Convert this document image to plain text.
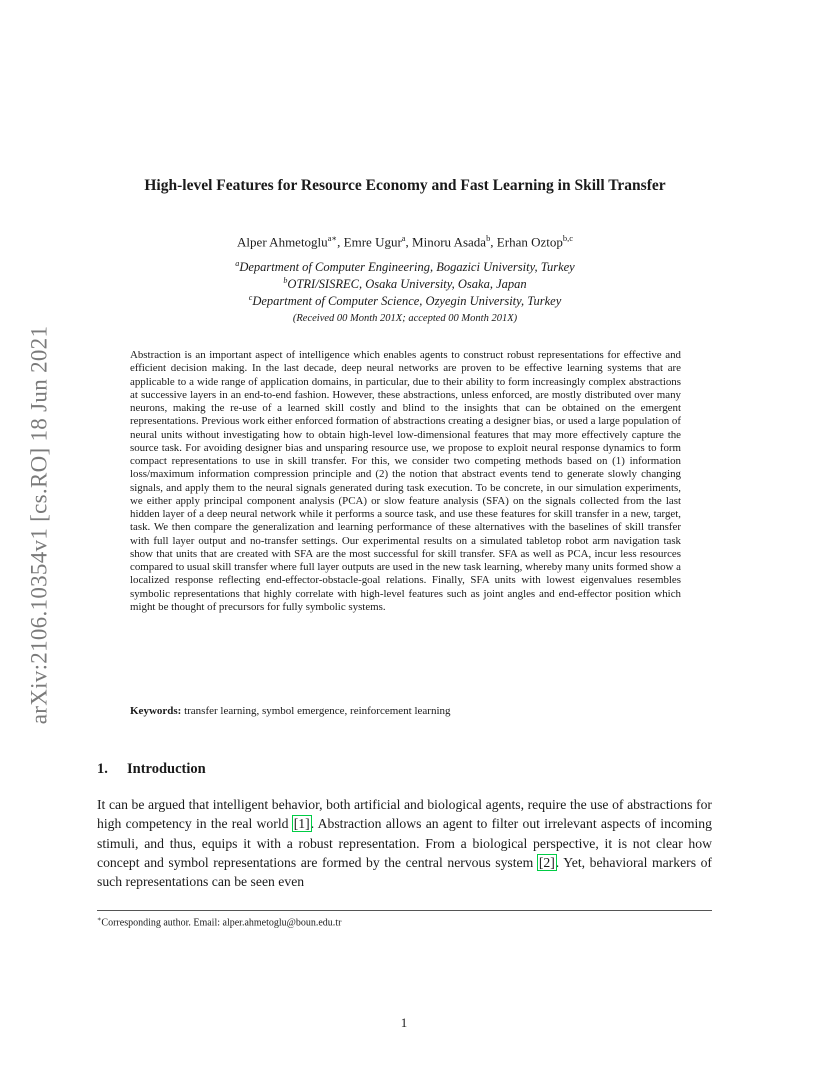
arXiv:2106.10354v1 [cs.RO] 18 Jun 2021
High-level Features for Resource Economy and Fast Learning in Skill Transfer
Alper Ahmetoglu$^{a∗}$, Emre Ugur$^a$, Minoru Asada$^b$, Erhan Oztop$^{b,c}$
$^a$Department of Computer Engineering, Bogazici University, Turkey
$^b$OTRI/SISREC, Osaka University, Osaka, Japan
$^c$Department of Computer Science, Ozyegin University, Turkey
(Received 00 Month 201X; accepted 00 Month 201X)
Abstraction is an important aspect of intelligence which enables agents to construct robust representations for effective and efficient decision making. In the last decade, deep neural networks are proven to be effective learning systems that are applicable to a wide range of application domains, in particular, due to their ability to form increasingly complex abstractions at successive layers in an end-to-end fashion. However, these abstractions, unless enforced, are mostly distributed over many neurons, making the re-use of a learned skill costly and blind to the insights that can be obtained on the emergent representations. Previous work either enforced formation of abstractions creating a designer bias, or used a large population of neural units without investigating how to obtain high-level low-dimensional features that may more effectively capture the source task. For avoiding designer bias and unsparing resource use, we propose to exploit neural response dynamics to form compact representations to use in skill transfer. For this, we consider two competing methods based on (1) information loss/maximum information compression principle and (2) the notion that abstract events tend to generate slowly changing signals, and apply them to the neural signals generated during task execution. To be concrete, in our simulation experiments, we either apply principal component analysis (PCA) or slow feature analysis (SFA) on the signals collected from the last hidden layer of a deep neural network while it performs a source task, and use these features for skill transfer in a new, target, task. We then compare the generalization and learning performance of these alternatives with the baselines of skill transfer with full layer output and no-transfer settings. Our experimental results on a simulated tabletop robot arm navigation task show that units that are created with SFA are the most successful for skill transfer. SFA as well as PCA, incur less resources compared to usual skill transfer where full layer outputs are used in the new task learning, whereby many units formed show a localized response reflecting end-effector-obstacle-goal relations. Finally, SFA units with lowest eigenvalues resembles symbolic representations that highly correlate with high-level features such as joint angles and end-effector position which might be thought of precursors for fully symbolic systems.
Keywords: transfer learning, symbol emergence, reinforcement learning
1. Introduction
It can be argued that intelligent behavior, both artificial and biological agents, require the use of abstractions for high competency in the real world [1]. Abstraction allows an agent to filter out irrelevant aspects of incoming stimuli, and thus, equips it with a robust representation. From a biological perspective, it is not clear how concept and symbol representations are formed by the central nervous system [2]. Yet, behavioral markers of such representations can be seen even
∗Corresponding author. Email: alper.ahmetoglu@boun.edu.tr
1
